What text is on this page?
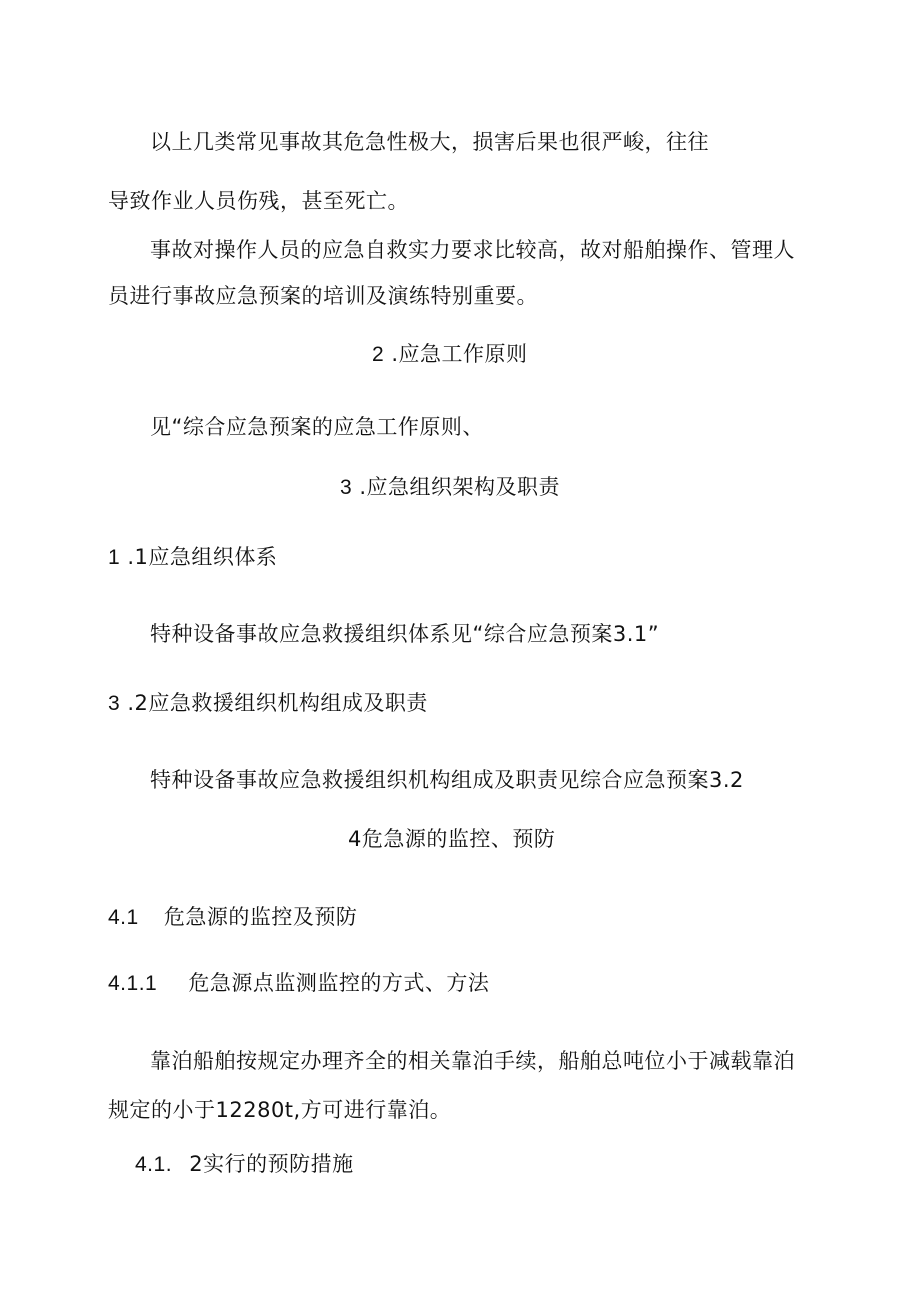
以上几类常见事故其危急性极大，损害后果也很严峻，往往
导致作业人员伤残，甚至死亡。
事故对操作人员的应急自救实力要求比较高，故对船舶操作、管理人
员进行事故应急预案的培训及演练特别重要。
2 .应急工作原则
见“综合应急预案的应急工作原则、
3 .应急组织架构及职责
1 .1应急组织体系
特种设备事故应急救援组织体系见“综合应急预案3.1”
3 .2应急救援组织机构组成及职责
特种设备事故应急救援组织机构组成及职责见综合应急预案3.2
4危急源的监控、预防
4.1 危急源的监控及预防
4.1.1 危急源点监测监控的方式、方法
靠泊船舶按规定办理齐全的相关靠泊手续，船舶总吨位小于减载靠泊
规定的小于12280t,方可进行靠泊。
4.1. 2实行的预防措施
